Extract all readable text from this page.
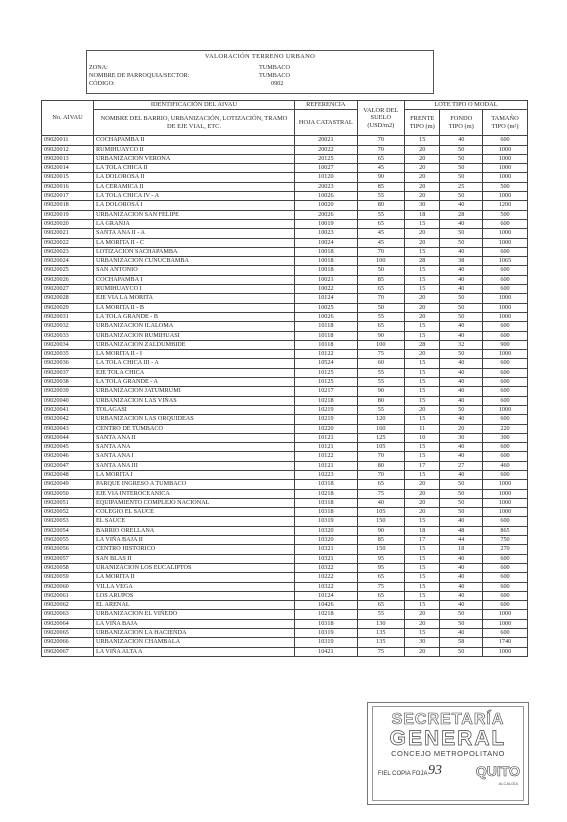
VALORACIÓN TERRENO URBANO
ZONA:	TUMBACO
NOMBRE DE PARROQUIA/SECTOR:	TUMBACO
CÓDIGO:	0902
No. AIVAU	IDENTIFICACIÓN DEL AIVAU	REFERENCIA	VALOR DEL SUELO (USD/m2)	LOTE TIPO O MODAL		
	NOMBRE DEL BARRIO, URBANIZACIÓN, LOTIZACIÓN, TRAMO DE EJE VIAL, ETC.	HOJA CATASTRAL		FRENTE TIPO (m)	FONDO TIPO (m)	TAMAÑO TIPO (m²)
09020011	COCHAPAMBA II	20021	70	15	40	600
09020012	RUMIHUAYCO II	20022	70	20	50	1000
09020013	URBANIZACION VERONA	20125	65	20	50	1000
09020014	LA TOLA CHICA II	10027	45	20	50	1000
09020015	LA DOLOROSA II	10120	90	20	50	1000
09020016	LA CERAMICA II	20023	85	20	25	500
09020017	LA TOLA CHICA IV - A	10026	55	20	50	1000
09020018	LA DOLOROSA I	10020	80	30	40	1200
09020019	URBANIZACION SAN FELIPE	20026	55	18	28	500
09020020	LA GRANJA	10019	65	15	40	600
09020021	SANTA ANA II - A	10023	45	20	50	1000
09020022	LA MORITA II - C	10024	45	20	50	1000
09020023	LOTIZACION SACHAPAMBA	10018	70	15	40	600
09020024	URBANIZACION CUNUCBAMBA	10018	100	28	38	1065
09020025	SAN ANTONIO	10018	50	15	40	600
09020026	COCHAPAMBA I	10021	85	15	40	600
09020027	RUMIHUAYCO I	10022	65	15	40	600
09020028	EJE VIA LA MORITA	10124	70	20	50	1000
09020029	LA MORITA II - B	10025	50	20	50	1000
09020031	LA TOLA GRANDE - B	10026	55	20	50	1000
09020032	URBANIZACION ILALOMA	10118	65	15	40	600
09020033	URBANIZACION RUMIHUASI	10118	90	15	40	600
09020034	URBANIZACION ZALDUMBIDE	10118	100	28	32	900
09020035	LA MORITA II - I	10122	75	20	50	1000
09020036	LA TOLA CHICA III - A	10524	60	15	40	600
09020037	EJE TOLA CHICA	10125	55	15	40	600
09020038	LA TOLA GRANDE - A	10125	55	15	40	600
09020039	URBANIZACION JATUMRUMI	10217	90	15	40	600
09020040	URBANIZACION LAS VIÑAS	10218	80	15	40	600
09020041	TOLAGASI	10219	55	20	50	1000
09020042	URBANIZACION LAS ORQUIDEAS	10219	120	15	40	600
09020043	CENTRO DE TUMBACO	10220	160	11	20	220
09020044	SANTA ANA II	10121	125	10	30	300
09020045	SANTA ANA	10121	105	15	40	600
09020046	SANTA ANA I	10122	70	15	40	600
09020047	SANTA ANA III	10121	80	17	27	460
09020048	LA MORITA I	10223	70	15	40	600
09020049	PARQUE INGRESO A TUMBACO	10318	65	20	50	1000
09020050	EJE VIA INTEROCEANICA	10218	75	20	50	1000
09020051	EQUIPAMIENTO COMPLEJO NACIONAL	10318	40	20	50	1000
09020052	COLEGIO EL SAUCE	10318	105	20	50	1000
09020053	EL SAUCE	10319	150	15	40	600
09020054	BARRIO ORELLANA	10320	90	18	48	865
09020055	LA VIÑA BAJA II	10320	85	17	44	750
09020056	CENTRO HISTORICO	10321	150	15	18	270
09020057	SAN BLAS II	10321	95	15	40	600
09020058	URANIZACION LOS EUCALIPTOS	10322	95	15	40	600
09020059	LA MORITA II	10222	65	15	40	600
09020060	VILLA VEGA	10322	75	15	40	600
09020061	LOS ARUPOS	10124	65	15	40	600
09020062	EL ARENAL	10426	65	15	40	600
09020063	URBANIZACION EL VIÑEDO	10218	55	20	50	1000
09020064	LA VIÑA BAJA	10318	130	20	50	1000
09020065	URBANIZACION LA HACIENDA	10319	135	15	40	600
09020066	URBANIZACION CHAMBALA	10319	135	30	58	1740
09020067	LA VIÑA ALTA A	10421	75	20	50	1000
SECRETARÍA
GENERAL
CONCEJO METROPOLITANO
FIEL COPIA FOJA 93 QUITO
ALCALDÍA
